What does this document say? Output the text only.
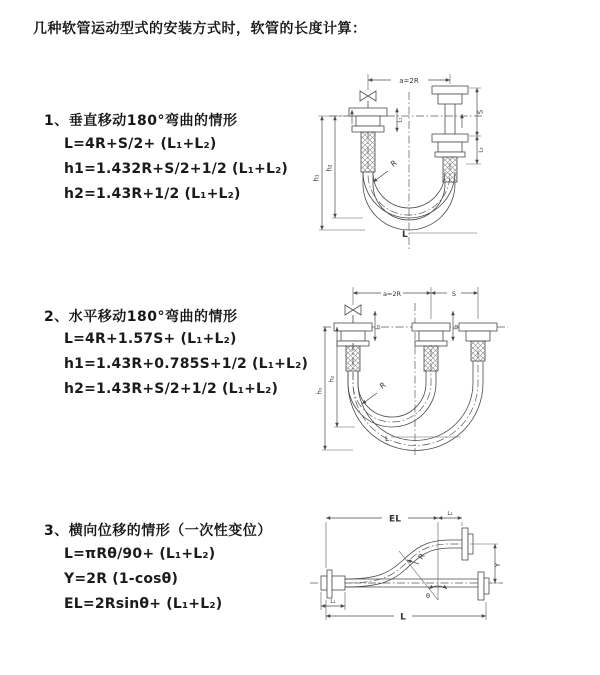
几种软管运动型式的安装方式时，软管的长度计算：
1、垂直移动180°弯曲的情形
L=4R+S/2+ (L₁+L₂)
h1=1.432R+S/2+1/2 (L₁+L₂)
h2=1.43R+1/2 (L₁+L₂)
a=2R
h₁
h₂
S
L₂
L₁
R
L
2、水平移动180°弯曲的情形
L=4R+1.57S+ (L₁+L₂)
h1=1.43R+0.785S+1/2 (L₁+L₂)
h2=1.43R+S/2+1/2 (L₁+L₂)
a=2R	S
L₁	L₂
h₁
h₂
R
L
3、横向位移的情形（一次性变位）
L=πRθ/90+ (L₁+L₂)
Y=2R (1-cosθ)
EL=2Rsinθ+ (L₁+L₂)
EL
L₂
Y
L₁
L
R
θ
